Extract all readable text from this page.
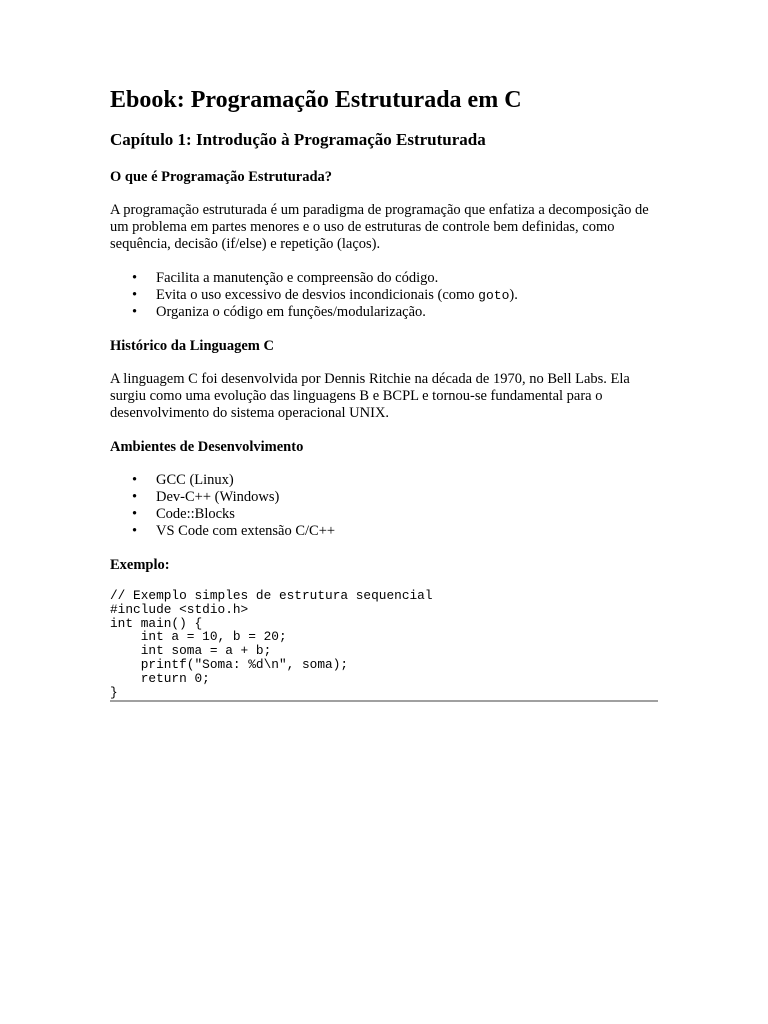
Ebook: Programação Estruturada em C
Capítulo 1: Introdução à Programação Estruturada
O que é Programação Estruturada?

A programação estruturada é um paradigma de programação que enfatiza a decomposição de um problema em partes menores e o uso de estruturas de controle bem definidas, como sequência, decisão (if/else) e repetição (laços).

• Facilita a manutenção e compreensão do código.
• Evita o uso excessivo de desvios incondicionais (como goto).
• Organiza o código em funções/modularização.
Histórico da Linguagem C

A linguagem C foi desenvolvida por Dennis Ritchie na década de 1970, no Bell Labs. Ela surgiu como uma evolução das linguagens B e BCPL e tornou-se fundamental para o desenvolvimento do sistema operacional UNIX.

Ambientes de Desenvolvimento
• GCC (Linux)
• Dev-C++ (Windows)
• Code::Blocks
• VS Code com extensão C/C++
Exemplo:
// Exemplo simples de estrutura sequencial
#include <stdio.h>
int main() {
int a = 10, b = 20;
int soma = a + b;
printf("Soma: %d\n", soma);
return 0;
}
